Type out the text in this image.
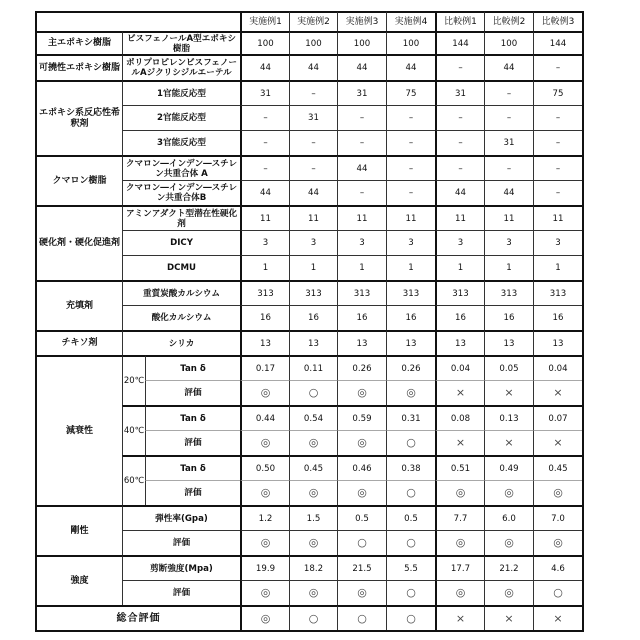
	実施例1	実施例2	実施例3	実施例4	比較例1	比較例2	比較例3
主エポキシ樹脂	ビスフェノールA型エポキシ樹脂	100	100	100	100	144	100	144
可撓性エポキシ樹脂	ポリプロピレンビスフェノールAジクリシジルエーテル	44	44	44	44	–	44	–
エポキシ系反応性希釈剤	1官能反応型	31	–	31	75	31	–	75
2官能反応型	–	31	–	–	–	–	–
3官能反応型	–	–	–	–	–	31	–
クマロン樹脂	クマロン―インデン―スチレン共重合体 A	–	–	44	–	–	–	–
クマロン―インデン―スチレン共重合体B	44	44	–	–	44	44	–
硬化剤・硬化促進剤	アミンアダクト型潜在性硬化剤	11	11	11	11	11	11	11
DICY	3	3	3	3	3	3	3
DCMU	1	1	1	1	1	1	1
充填剤	重質炭酸カルシウム	313	313	313	313	313	313	313
酸化カルシウム	16	16	16	16	16	16	16
チキソ剤	シリカ	13	13	13	13	13	13	13
減衰性	20℃	Tan δ	0.17	0.11	0.26	0.26	0.04	0.05	0.04
評価	◎	○	◎	◎	×	×	×
40℃	Tan δ	0.44	0.54	0.59	0.31	0.08	0.13	0.07
評価	◎	◎	◎	○	×	×	×
60℃	Tan δ	0.50	0.45	0.46	0.38	0.51	0.49	0.45
評価	◎	◎	◎	○	◎	◎	◎
剛性	弾性率(Gpa)	1.2	1.5	0.5	0.5	7.7	6.0	7.0
評価	◎	◎	○	○	◎	◎	◎
強度	剪断強度(Mpa)	19.9	18.2	21.5	5.5	17.7	21.2	4.6
評価	◎	◎	◎	○	◎	◎	○
総合評価	◎	○	○	○	×	×	×
